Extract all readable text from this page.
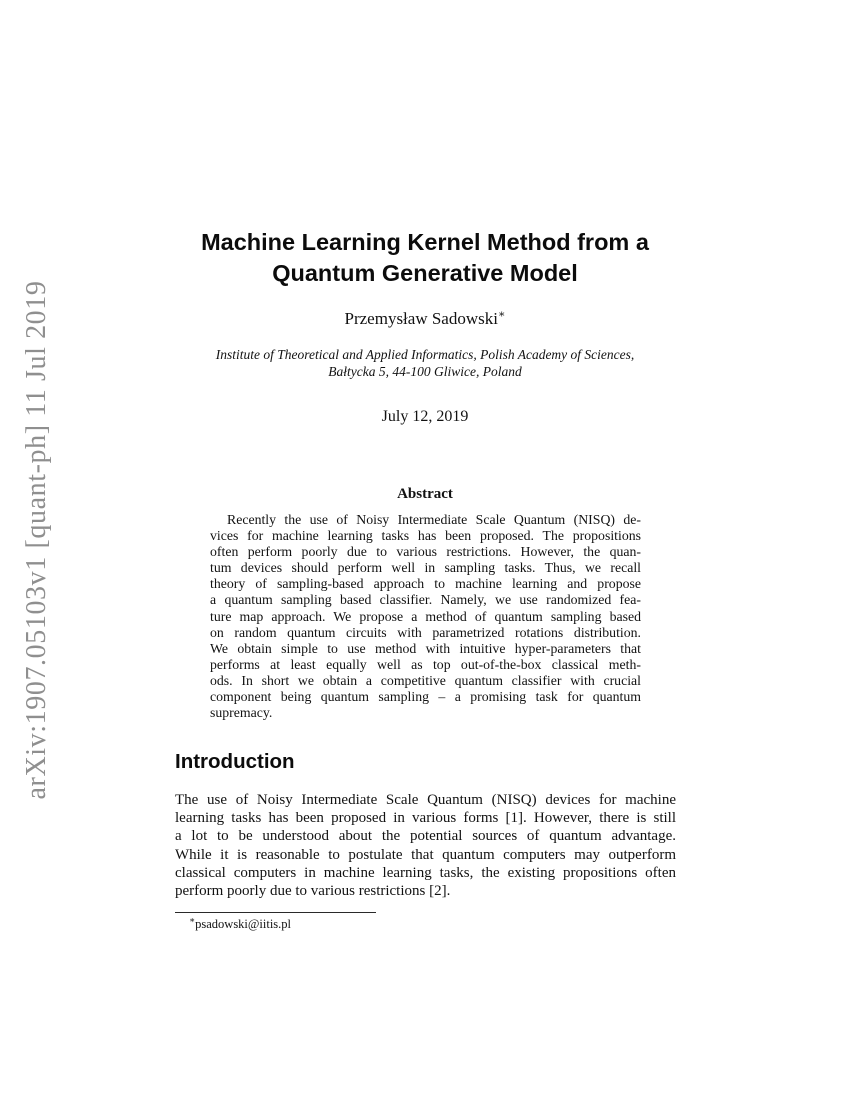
arXiv:1907.05103v1 [quant-ph] 11 Jul 2019
Machine Learning Kernel Method from a
Quantum Generative Model
Przemysław Sadowski∗
Institute of Theoretical and Applied Informatics, Polish Academy of Sciences,
Bałtycka 5, 44-100 Gliwice, Poland
July 12, 2019
Abstract
Recently the use of Noisy Intermediate Scale Quantum (NISQ) de-
vices for machine learning tasks has been proposed. The propositions
often perform poorly due to various restrictions. However, the quan-
tum devices should perform well in sampling tasks. Thus, we recall
theory of sampling-based approach to machine learning and propose
a quantum sampling based classifier. Namely, we use randomized fea-
ture map approach. We propose a method of quantum sampling based
on random quantum circuits with parametrized rotations distribution.
We obtain simple to use method with intuitive hyper-parameters that
performs at least equally well as top out-of-the-box classical meth-
ods. In short we obtain a competitive quantum classifier with crucial
component being quantum sampling – a promising task for quantum
supremacy.
Introduction
The use of Noisy Intermediate Scale Quantum (NISQ) devices for machine
learning tasks has been proposed in various forms [1]. However, there is still
a lot to be understood about the potential sources of quantum advantage.
While it is reasonable to postulate that quantum computers may outperform
classical computers in machine learning tasks, the existing propositions often
perform poorly due to various restrictions [2].
∗psadowski@iitis.pl
